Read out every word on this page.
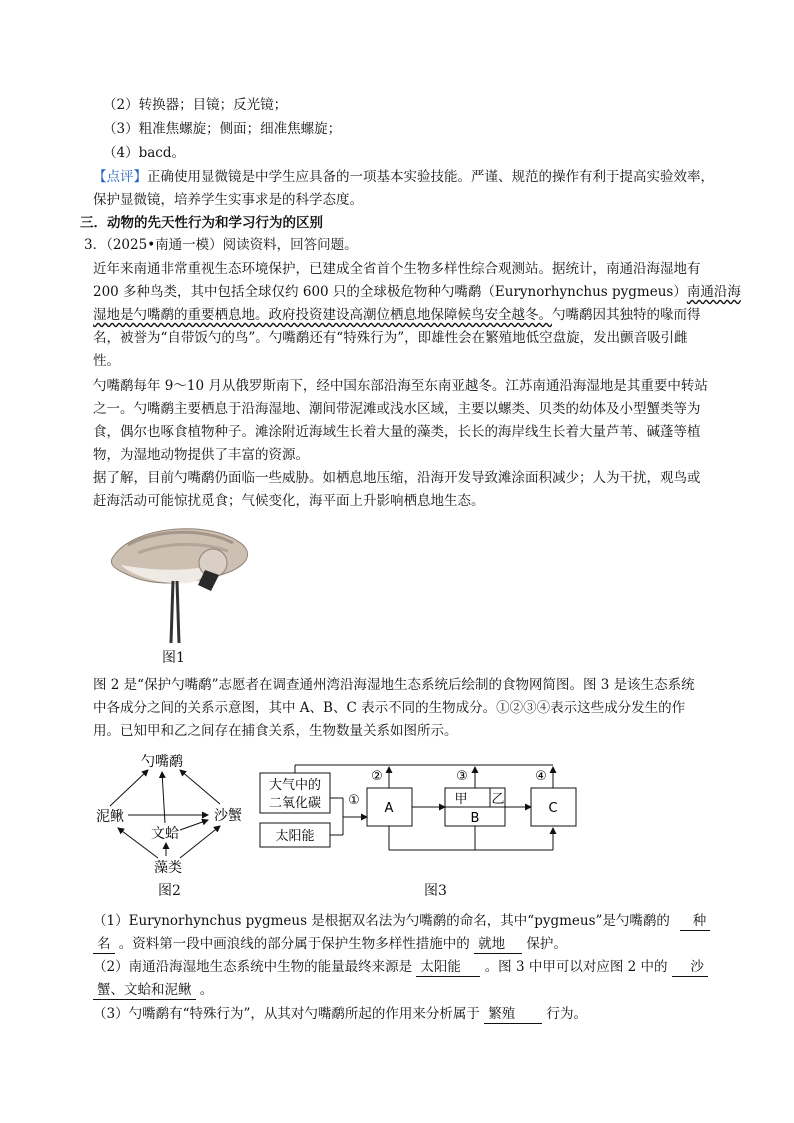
（2）转换器；目镜；反光镜；
（3）粗准焦螺旋；侧面；细准焦螺旋；
（4）bacd。
【点评】正确使用显微镜是中学生应具备的一项基本实验技能。严谨、规范的操作有利于提高实验效率，
保护显微镜，培养学生实事求是的科学态度。
三．动物的先天性行为和学习行为的区别
3．（2025•南通一模）阅读资料，回答问题。
近年来南通非常重视生态环境保护，已建成全省首个生物多样性综合观测站。据统计，南通沿海湿地有
200 多种鸟类，其中包括全球仅约 600 只的全球极危物种勺嘴鹬（Eurynorhynchus pygmeus）南通沿海
湿地是勺嘴鹬的重要栖息地。政府投资建设高潮位栖息地保障候鸟安全越冬。勺嘴鹬因其独特的喙而得
名，被誉为“自带饭勺的鸟”。勺嘴鹬还有“特殊行为”，即雄性会在繁殖地低空盘旋，发出颤音吸引雌
性。
勺嘴鹬每年 9～10 月从俄罗斯南下，经中国东部沿海至东南亚越冬。江苏南通沿海湿地是其重要中转站
之一。勺嘴鹬主要栖息于沿海湿地、潮间带泥滩或浅水区域，主要以螺类、贝类的幼体及小型蟹类等为
食，偶尔也啄食植物种子。滩涂附近海域生长着大量的藻类，长长的海岸线生长着大量芦苇、碱蓬等植
物，为湿地动物提供了丰富的资源。
据了解，目前勺嘴鹬仍面临一些威胁。如栖息地压缩，沿海开发导致滩涂面积减少；人为干扰，观鸟或
赶海活动可能惊扰觅食；气候变化，海平面上升影响栖息地生态。
图1
图 2 是“保护勺嘴鹬”志愿者在调查通州湾沿海湿地生态系统后绘制的食物网简图。图 3 是该生态系统
中各成分之间的关系示意图，其中 A、B、C 表示不同的生物成分。①②③④表示这些成分发生的作
用。已知甲和乙之间存在捕食关系，生物数量关系如图所示。
勺嘴鹬
泥鳅
文蛤
沙蟹
藻类
图2
大气中的
二氧化碳
太阳能
①
A
甲 乙
B
C
②	③	④
图3
（1）Eurynorhynchus pygmeus 是根据双名法为勺嘴鹬的命名，其中“pygmeus”是勺嘴鹬的 种
名 。资料第一段中画浪线的部分属于保护生物多样性措施中的 就地 保护。
（2）南通沿海湿地生态系统中生物的能量最终来源是 太阳能 。图 3 中甲可以对应图 2 中的 沙
蟹、文蛤和泥鳅 。
（3）勺嘴鹬有“特殊行为”，从其对勺嘴鹬所起的作用来分析属于 繁殖 行为。
